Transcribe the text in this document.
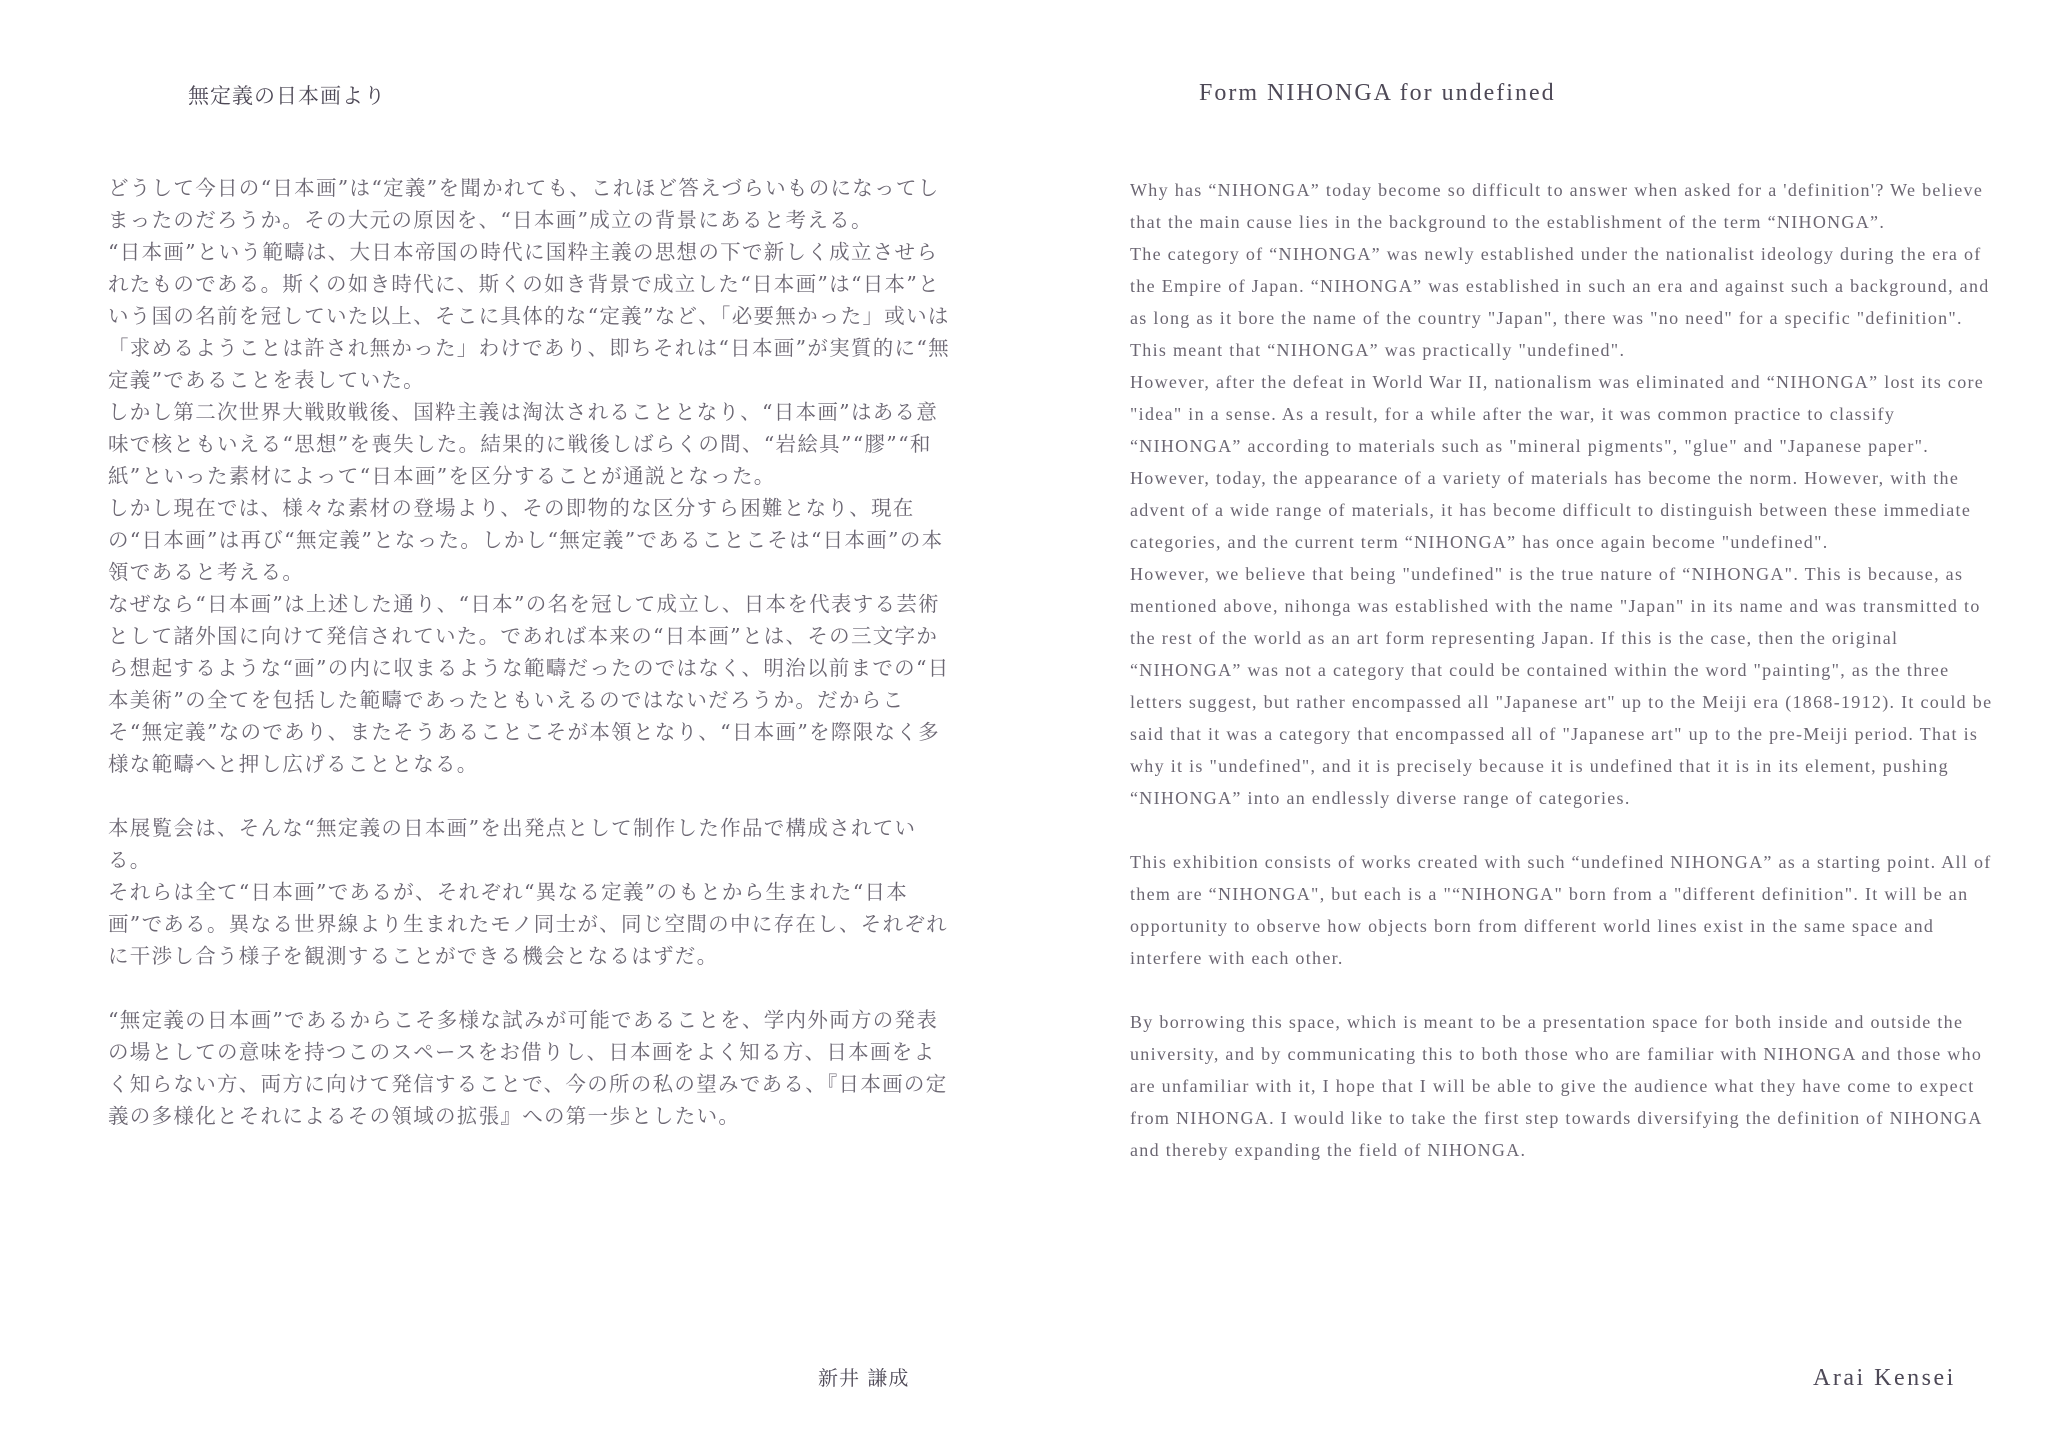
無定義の日本画より

どうして今日の“日本画”は“定義”を聞かれても、これほど答えづらいものになってしまったのだろうか。その大元の原因を、“日本画”成立の背景にあると考える。

“日本画”という範疇は、大日本帝国の時代に国粋主義の思想の下で新しく成立させられたものである。斯くの如き時代に、斯くの如き背景で成立した“日本画”は“日本”という国の名前を冠していた以上、そこに具体的な“定義”など、「必要無かった」或いは「求めるようことは許され無かった」わけであり、即ちそれは“日本画”が実質的に“無定義”であることを表していた。

しかし第二次世界大戦敗戦後、国粋主義は淘汰されることとなり、“日本画”はある意味で核ともいえる“思想”を喪失した。結果的に戦後しばらくの間、“岩絵具”“膠”“和紙”といった素材によって“日本画”を区分することが通説となった。

しかし現在では、様々な素材の登場より、その即物的な区分すら困難となり、現在の“日本画”は再び“無定義”となった。しかし“無定義”であることこそは“日本画”の本領であると考える。

なぜなら“日本画”は上述した通り、“日本”の名を冠して成立し、日本を代表する芸術として諸外国に向けて発信されていた。であれば本来の“日本画”とは、その三文字から想起するような“画”の内に収まるような範疇だったのではなく、明治以前までの“日本美術”の全てを包括した範疇であったともいえるのではないだろうか。だからこそ“無定義”なのであり、またそうあることこそが本領となり、“日本画”を際限なく多様な範疇へと押し広げることとなる。

本展覧会は、そんな“無定義の日本画”を出発点として制作した作品で構成されている。

それらは全て“日本画”であるが、それぞれ“異なる定義”のもとから生まれた“日本画”である。異なる世界線より生まれたモノ同士が、同じ空間の中に存在し、それぞれに干渉し合う様子を観測することができる機会となるはずだ。

“無定義の日本画”であるからこそ多様な試みが可能であることを、学内外両方の発表の場としての意味を持つこのスペースをお借りし、日本画をよく知る方、日本画をよく知らない方、両方に向けて発信することで、今の所の私の望みである、『日本画の定義の多様化とそれによるその領域の拡張』への第一歩としたい。

新井 謙成
Form NIHONGA for undefined

Why has “NIHONGA” today become so difficult to answer when asked for a 'definition'? We believe that the main cause lies in the background to the establishment of the term “NIHONGA”.

The category of “NIHONGA” was newly established under the nationalist ideology during the era of the Empire of Japan. “NIHONGA” was established in such an era and against such a background, and as long as it bore the name of the country "Japan", there was "no need" for a specific "definition". This meant that “NIHONGA” was practically "undefined".

However, after the defeat in World War II, nationalism was eliminated and “NIHONGA” lost its core "idea" in a sense. As a result, for a while after the war, it was common practice to classify “NIHONGA” according to materials such as "mineral pigments", "glue" and "Japanese paper". However, today, the appearance of a variety of materials has become the norm. However, with the advent of a wide range of materials, it has become difficult to distinguish between these immediate categories, and the current term “NIHONGA” has once again become "undefined".

However, we believe that being "undefined" is the true nature of “NIHONGA". This is because, as mentioned above, nihonga was established with the name "Japan" in its name and was transmitted to the rest of the world as an art form representing Japan. If this is the case, then the original “NIHONGA” was not a category that could be contained within the word "painting", as the three letters suggest, but rather encompassed all "Japanese art" up to the Meiji era (1868-1912). It could be said that it was a category that encompassed all of "Japanese art" up to the pre-Meiji period. That is why it is "undefined", and it is precisely because it is undefined that it is in its element, pushing “NIHONGA” into an endlessly diverse range of categories.

This exhibition consists of works created with such “undefined NIHONGA” as a starting point. All of them are “NIHONGA", but each is a "“NIHONGA" born from a "different definition". It will be an opportunity to observe how objects born from different world lines exist in the same space and interfere with each other.

By borrowing this space, which is meant to be a presentation space for both inside and outside the university, and by communicating this to both those who are familiar with NIHONGA and those who are unfamiliar with it, I hope that I will be able to give the audience what they have come to expect from NIHONGA. I would like to take the first step towards diversifying the definition of NIHONGA and thereby expanding the field of NIHONGA.

Arai Kensei
